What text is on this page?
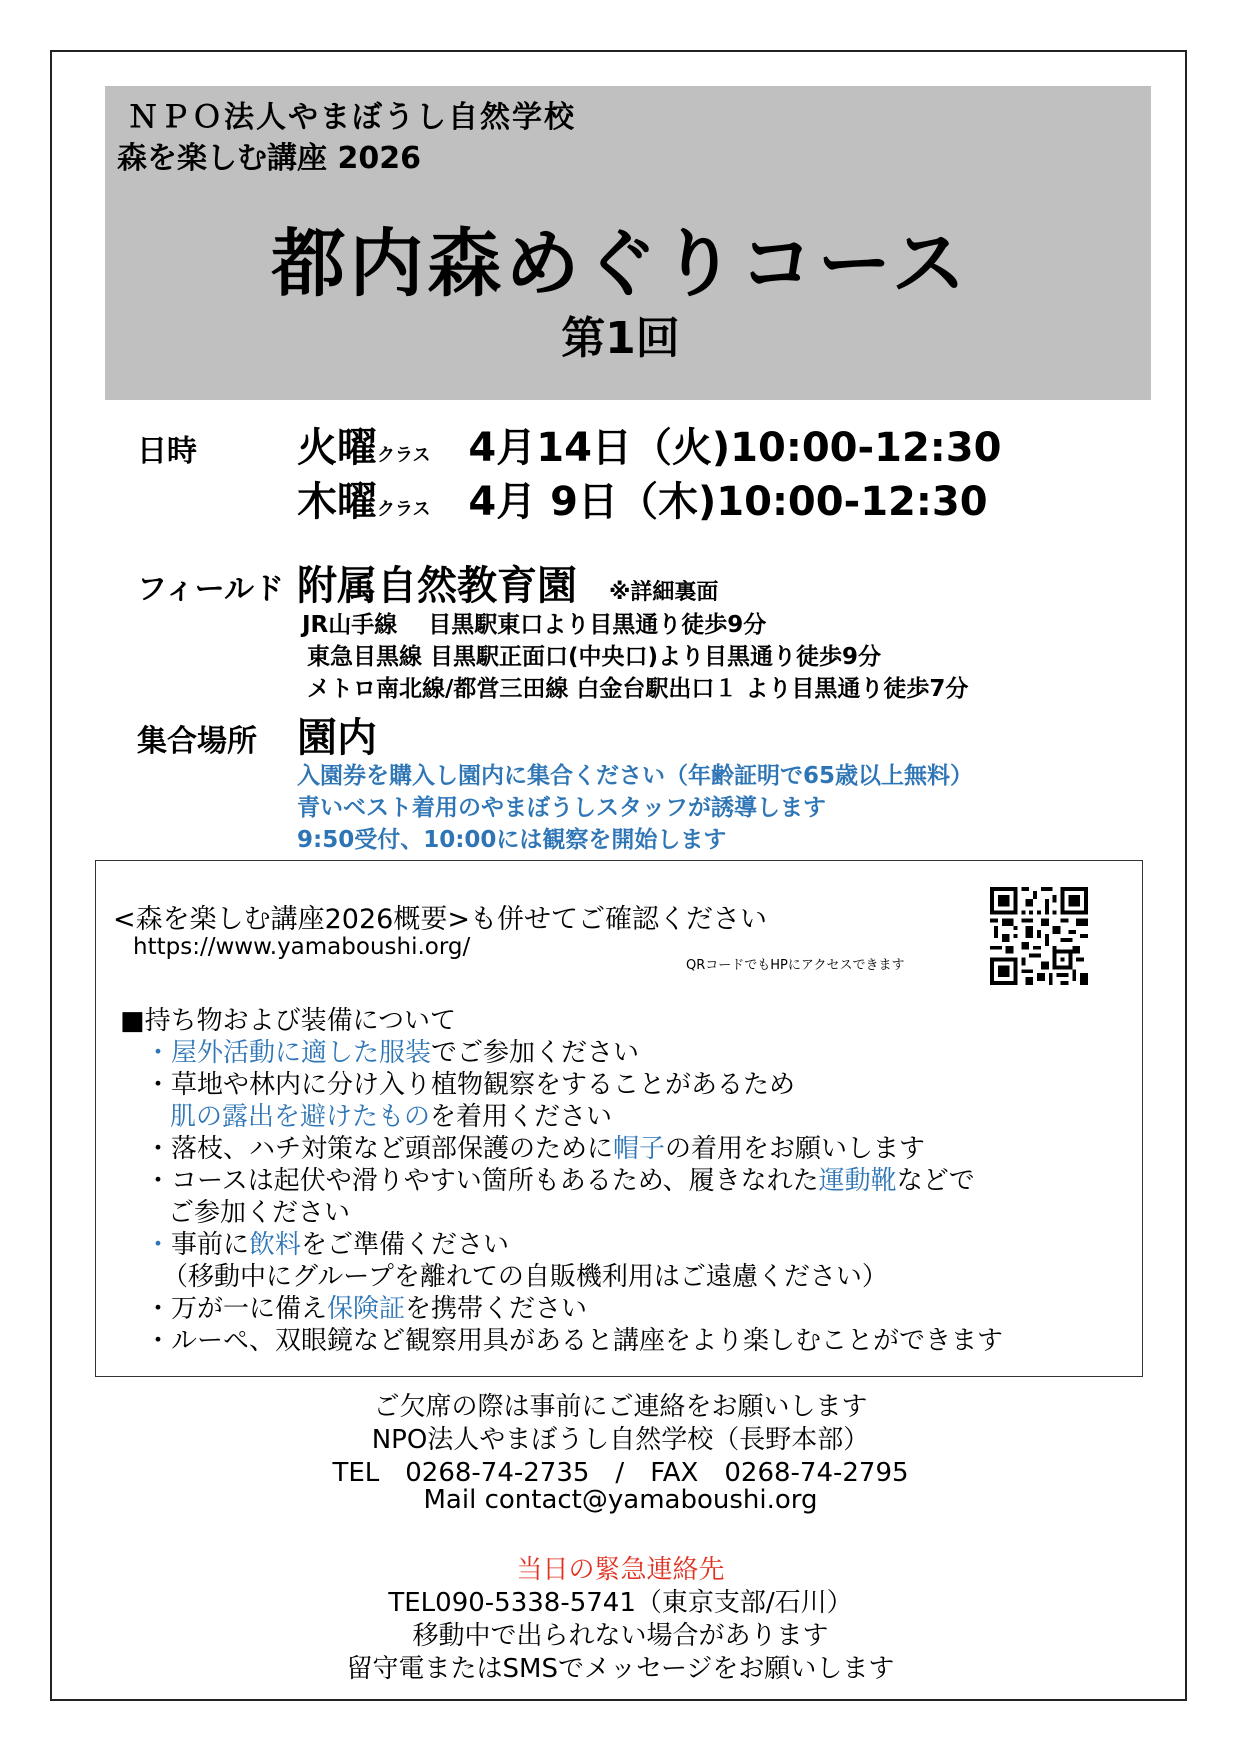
ＮＰＯ法人やまぼうし自然学校
森を楽しむ講座 2026
都内森めぐりコース
第1回
日時	火曜クラス 4月14日（火)10:00-12:30
木曜クラス 4月 9日（木)10:00-12:30
フィールド 附属自然教育園 ※詳細裏面
JR山手線　 目黒駅東口より目黒通り徒歩9分
東急目黒線 目黒駅正面口(中央口)より目黒通り徒歩9分
メトロ南北線/都営三田線 白金台駅出口１ より目黒通り徒歩7分
集合場所 園内
入園券を購入し園内に集合ください（年齢証明で65歳以上無料）
青いベスト着用のやまぼうしスタッフが誘導します
9:50受付、10:00には観察を開始します
<森を楽しむ講座2026概要>も併せてご確認ください
https://www.yamaboushi.org/
QRコードでもHPにアクセスできます
■持ち物および装備について
・屋外活動に適した服装でご参加ください
・草地や林内に分け入り植物観察をすることがあるため
肌の露出を避けたものを着用ください
・落枝、ハチ対策など頭部保護のために帽子の着用をお願いします
・コースは起伏や滑りやすい箇所もあるため、履きなれた運動靴などで
ご参加ください
・事前に飲料をご準備ください
（移動中にグループを離れての自販機利用はご遠慮ください）
・万が一に備え保険証を携帯ください
・ルーペ、双眼鏡など観察用具があると講座をより楽しむことができます
ご欠席の際は事前にご連絡をお願いします
NPO法人やまぼうし自然学校（長野本部）
TEL　0268-74-2735　/　FAX　0268-74-2795
Mail contact@yamaboushi.org
当日の緊急連絡先
TEL090-5338-5741（東京支部/石川）
移動中で出られない場合があります
留守電またはSMSでメッセージをお願いします
